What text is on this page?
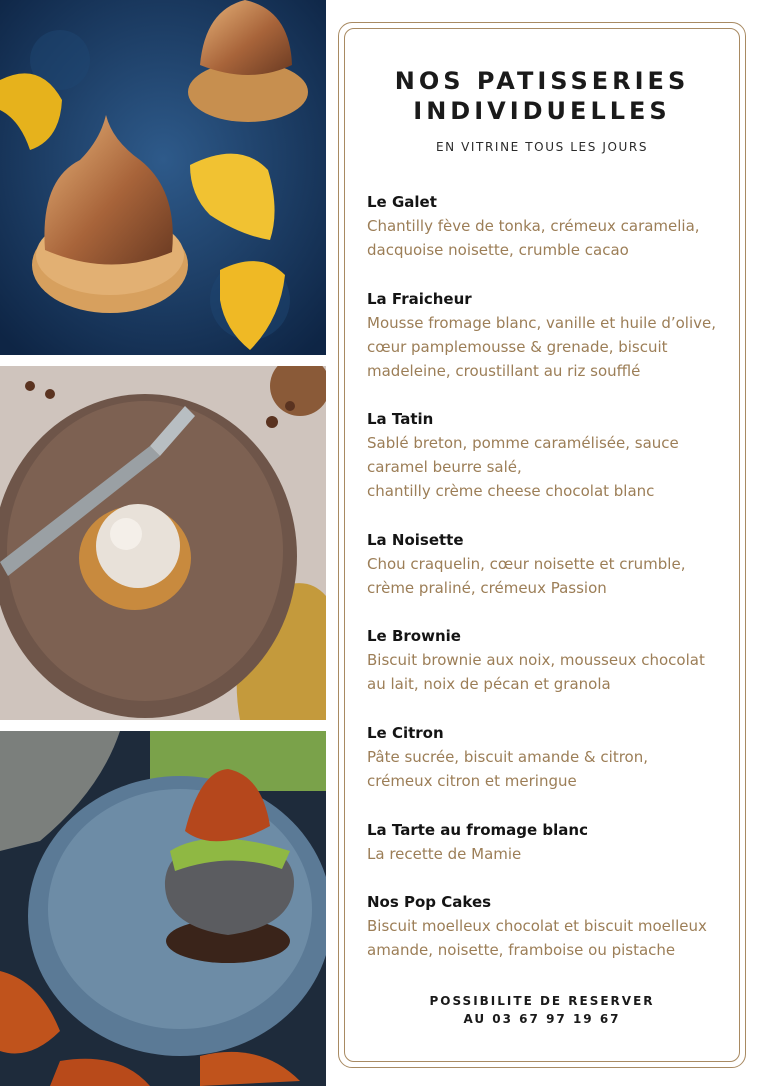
NOS PATISSERIES
INDIVIDUELLES
EN VITRINE TOUS LES JOURS
Le Galet
Chantilly fève de tonka, crémeux caramelia,
dacquoise noisette, crumble cacao
La Fraicheur
Mousse fromage blanc, vanille et huile d’olive,
cœur pamplemousse & grenade, biscuit
madeleine, croustillant au riz soufflé
La Tatin
Sablé breton, pomme caramélisée, sauce
caramel beurre salé,
chantilly crème cheese chocolat blanc
La Noisette
Chou craquelin, cœur noisette et crumble,
crème praliné, crémeux Passion
Le Brownie
Biscuit brownie aux noix, mousseux chocolat
au lait, noix de pécan et granola
Le Citron
Pâte sucrée, biscuit amande & citron,
crémeux citron et meringue
La Tarte au fromage blanc
La recette de Mamie
Nos Pop Cakes
Biscuit moelleux chocolat et biscuit moelleux
amande, noisette, framboise ou pistache
POSSIBILITE DE RESERVER
AU 03 67 97 19 67
